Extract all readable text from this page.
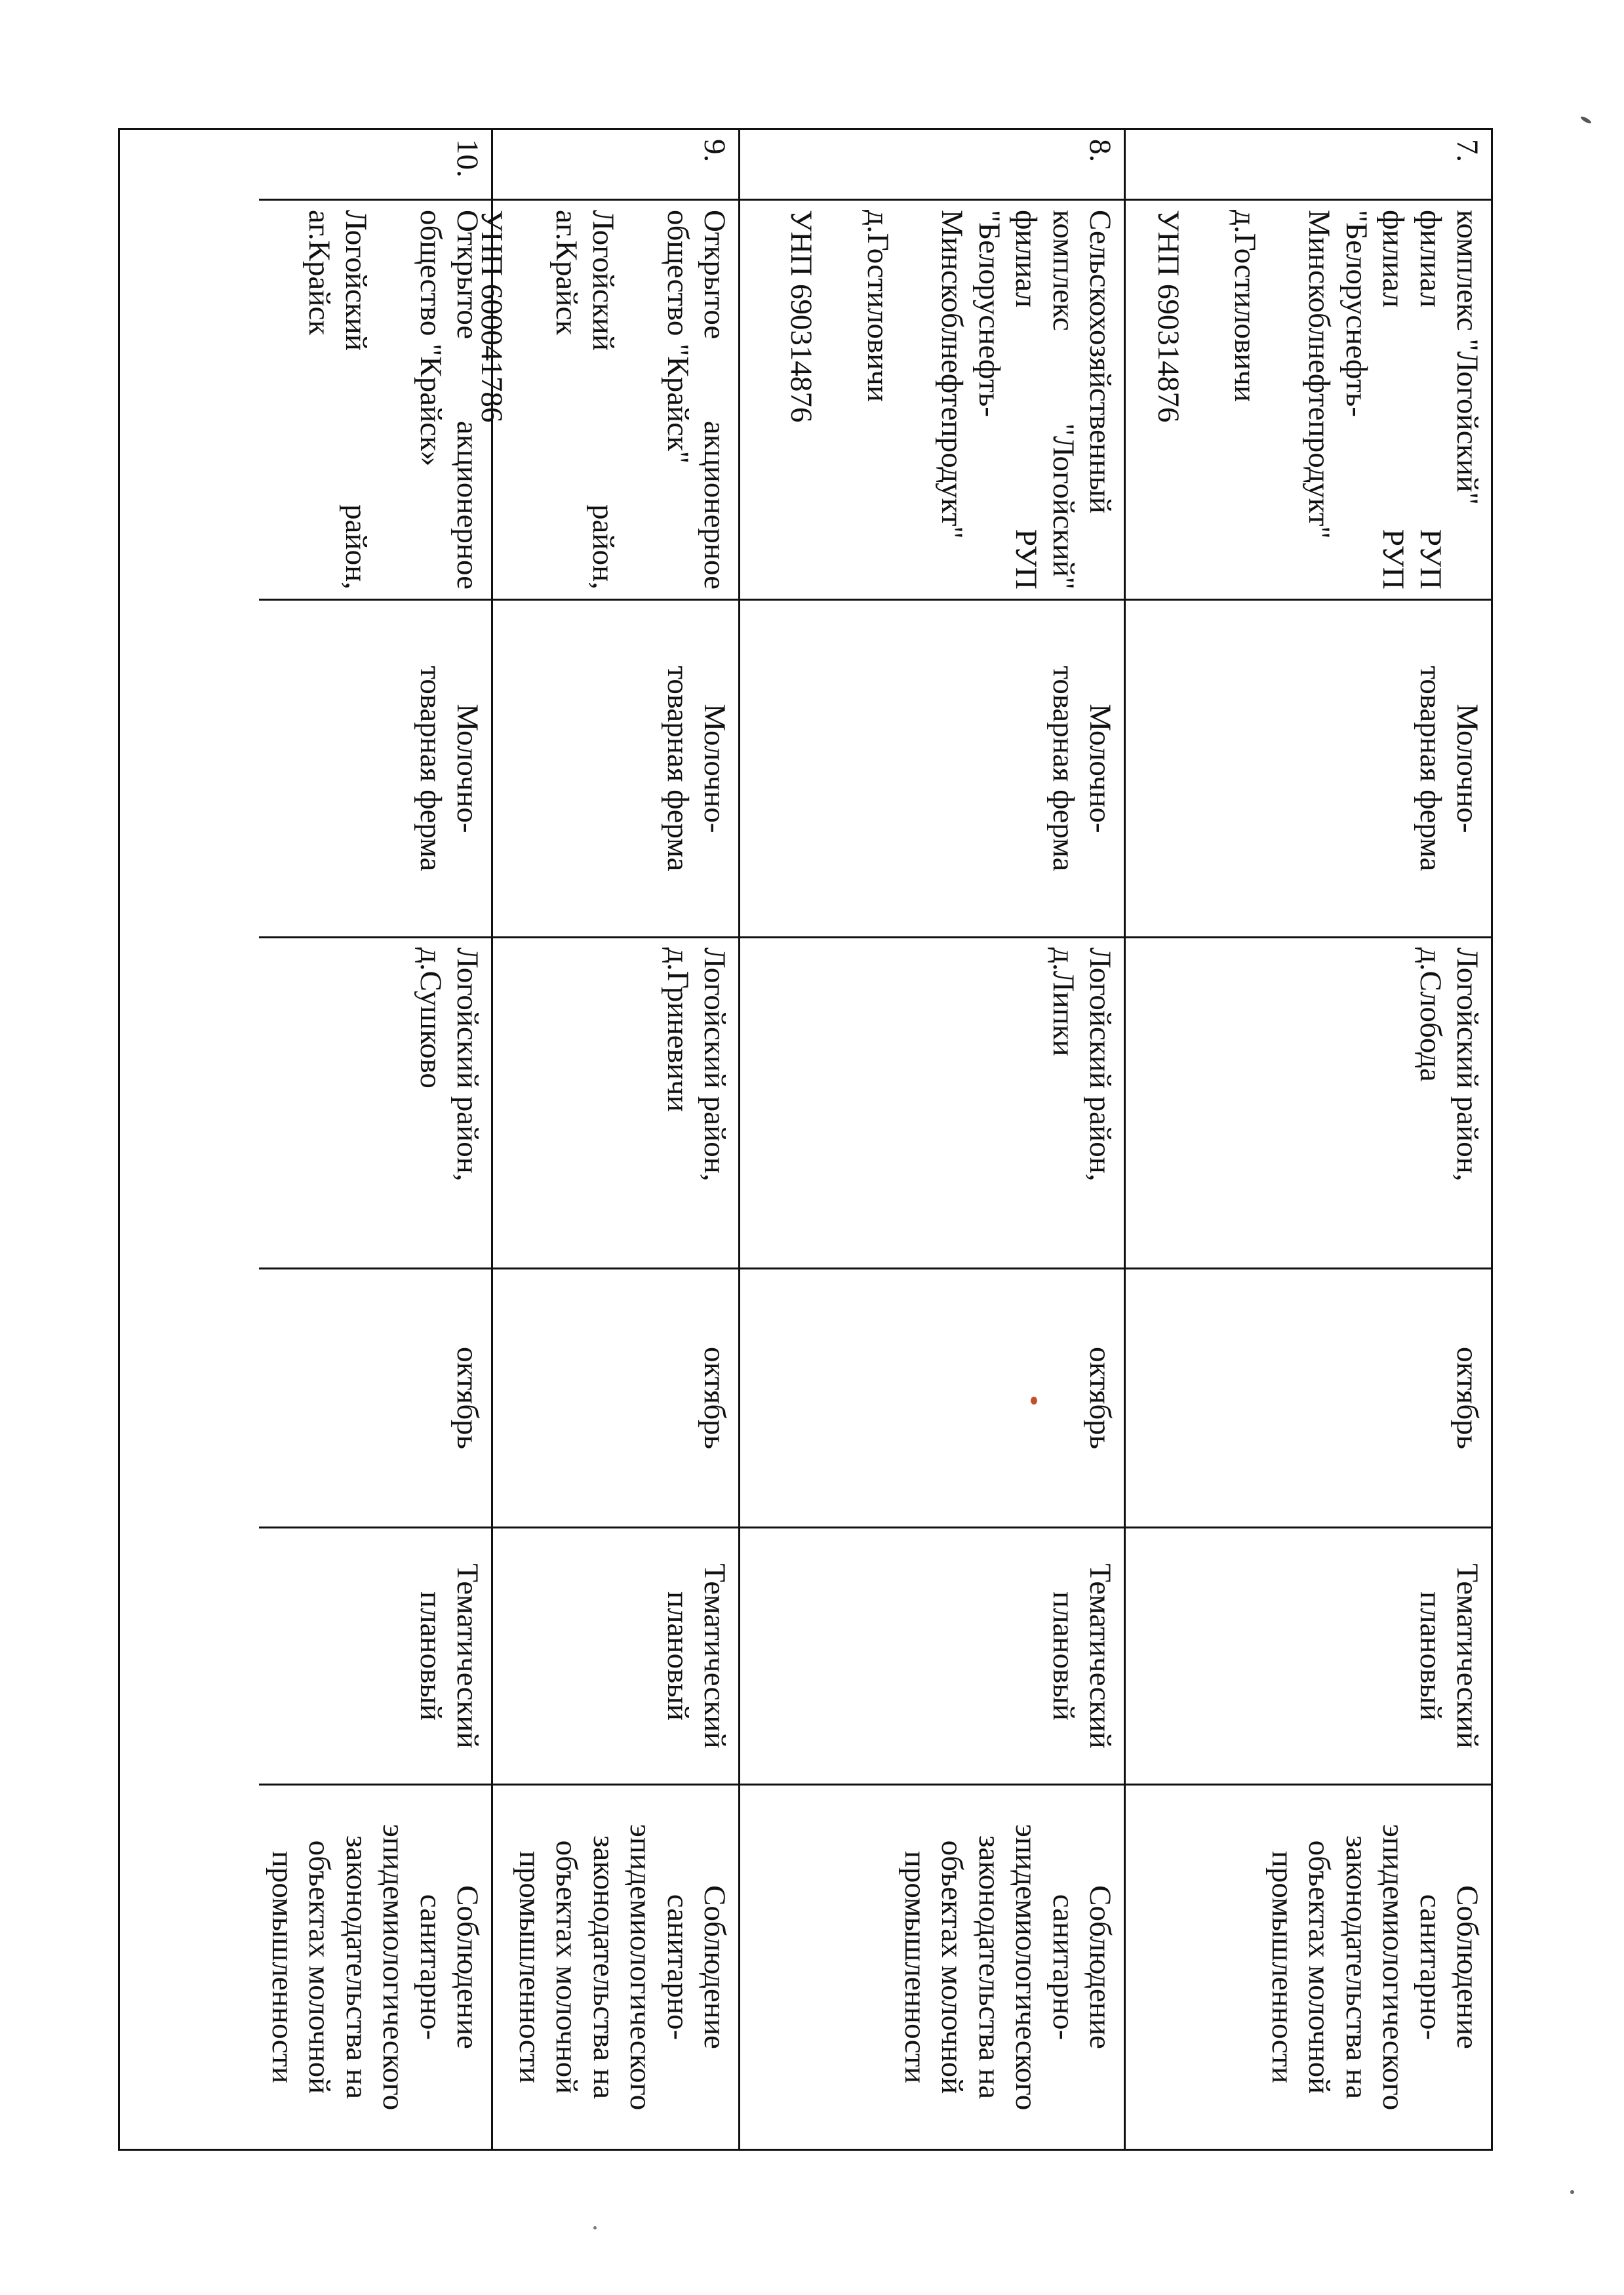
7.
комплекс "Логойский"
филиал
РУП
филиал
РУП
"Белоруснефть-
Минскоблнефтепродукт"
д.Гостиловичи
УНП 690314876
Молочно-
товарная ферма
Логойский район,
д.Слобода
октябрь
Тематический
плановый
Соблюдение
санитарно-
эпидемиологического
законодательства на
объектах молочной
промышленности
8.
Сельскохозяйственный
комплекс
"Логойский"
филиал
РУП
"Белоруснефть-
Минскоблнефтепродукт"
д.Гостиловичи
УНП 690314876
Молочно-
товарная ферма
Логойский район,
д.Липки
октябрь
Тематический
плановый
Соблюдение
санитарно-
эпидемиологического
законодательства на
объектах молочной
промышленности
9.
Открытое
акционерное
общество "Крайск"
Логойский
район,
аг.Крайск
УНП 600041786
Молочно-
товарная ферма
Логойский район,
д.Гриневичи
октябрь
Тематический
плановый
Соблюдение
санитарно-
эпидемиологического
законодательства на
объектах молочной
промышленности
10.
Открытое
акционерное
общество "Крайск»
Логойский
район,
аг.Крайск
Молочно-
товарная ферма
Логойский район,
д.Сушково
октябрь
Тематический
плановый
Соблюдение
санитарно-
эпидемиологического
законодательства на
объектах молочной
промышленности
